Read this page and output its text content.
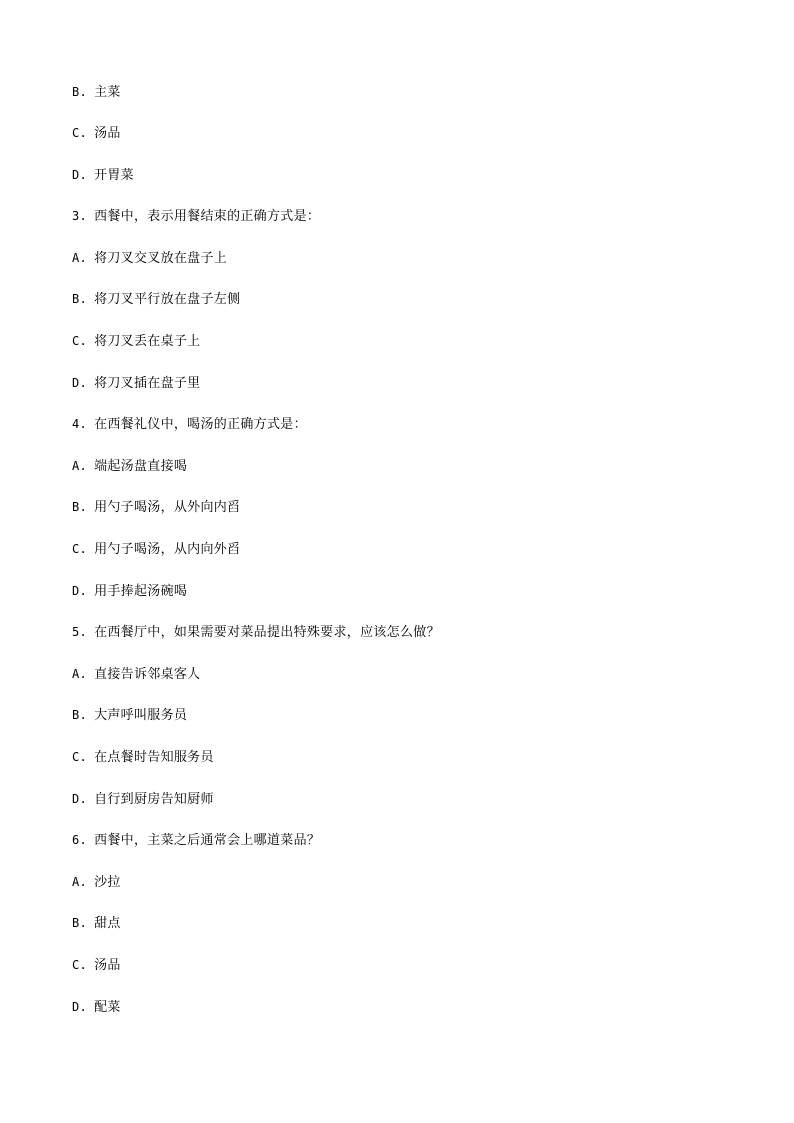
B. 主菜
C. 汤品
D. 开胃菜
3. 西餐中，表示用餐结束的正确方式是：
A. 将刀叉交叉放在盘子上
B. 将刀叉平行放在盘子左侧
C. 将刀叉丢在桌子上
D. 将刀叉插在盘子里
4. 在西餐礼仪中，喝汤的正确方式是：
A. 端起汤盘直接喝
B. 用勺子喝汤，从外向内舀
C. 用勺子喝汤，从内向外舀
D. 用手捧起汤碗喝
5. 在西餐厅中，如果需要对菜品提出特殊要求，应该怎么做？
A. 直接告诉邻桌客人
B. 大声呼叫服务员
C. 在点餐时告知服务员
D. 自行到厨房告知厨师
6. 西餐中，主菜之后通常会上哪道菜品？
A. 沙拉
B. 甜点
C. 汤品
D. 配菜
